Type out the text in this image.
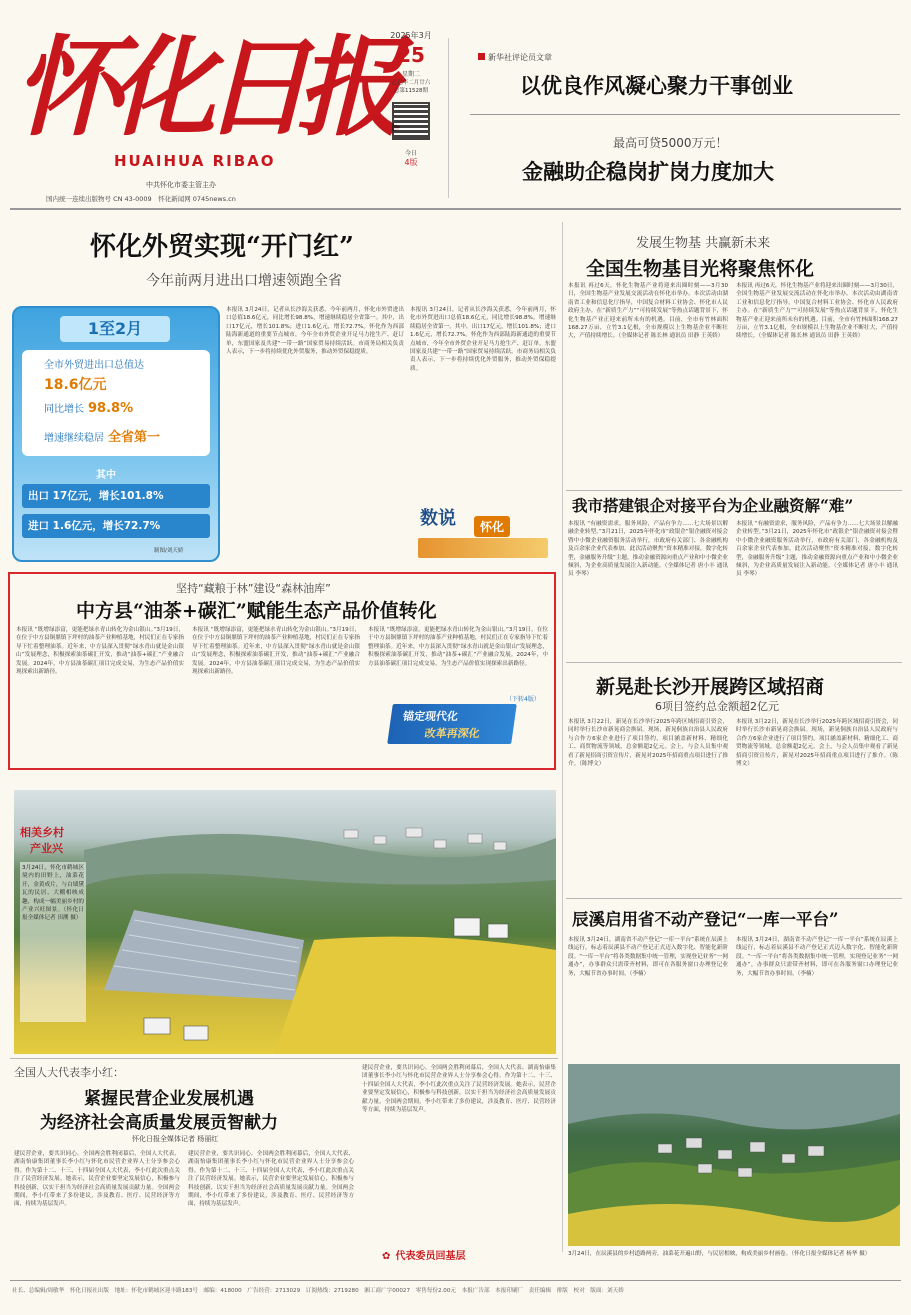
怀化日报
HUAIHUA RIBAO
中共怀化市委主管主办
国内统一连续出版物号 CN 43-0009　怀化新闻网 0745news.cn
2025年3月
25
星期二
乙巳年二月廿六
总第11528期
今日
4版
新华社评论员文章
以优良作风凝心聚力干事创业
最高可贷5000万元！
金融助企稳岗扩岗力度加大
怀化外贸实现“开门红”
今年前两月进出口增速领跑全省
1至2月
全市外贸进出口总值达
18.6亿元
同比增长 98.8%
增速继续稳居 全省第一
其中
出口 17亿元，增长101.8%
进口 1.6亿元，增长72.7%
制图/刘天娇
本报讯 3月24日，记者从长沙海关获悉，今年前两月，怀化市外贸进出口总值18.6亿元，同比增长98.8%，增速继续稳居全省第一。其中，出口17亿元，增长101.8%；进口1.6亿元，增长72.7%。怀化作为西部陆海新通道的重要节点城市，今年全市外贸企业开足马力抢生产、赶订单，东盟国家及共建“一带一路”国家贸易持续活跃。市商务局相关负责人表示，下一步将持续优化外贸服务，推动外贸保稳提质。
本报讯 3月24日，记者从长沙海关获悉，今年前两月，怀化市外贸进出口总值18.6亿元，同比增长98.8%，增速继续稳居全省第一。其中，出口17亿元，增长101.8%；进口1.6亿元，增长72.7%。怀化作为西部陆海新通道的重要节点城市，今年全市外贸企业开足马力抢生产、赶订单，东盟国家及共建“一带一路”国家贸易持续活跃。市商务局相关负责人表示，下一步将持续优化外贸服务，推动外贸保稳提质。
数说	怀化
发展生物基 共赢新未来
全国生物基目光将聚焦怀化
本报讯 再过6天，怀化生物基产业将迎来出圈时刻——3月30日，全国生物基产业发展交流活动在怀化市举办。本次活动由湖南省工业和信息化厅指导，中国复合材料工业协会、怀化市人民政府主办。在“新质生产力”“可持续发展”等热点话题背景下，怀化生物基产业正迎来前所未有的机遇。目前，全市有竹林面积168.27万亩，立竹3.1亿根，全市规模以上生物基企业不断壮大，产值持续增长。（全媒体记者 陈长林 通讯员 田静 王英娇）
本报讯 再过6天，怀化生物基产业将迎来出圈时刻——3月30日，全国生物基产业发展交流活动在怀化市举办。本次活动由湖南省工业和信息化厅指导，中国复合材料工业协会、怀化市人民政府主办。在“新质生产力”“可持续发展”等热点话题背景下，怀化生物基产业正迎来前所未有的机遇。目前，全市有竹林面积168.27万亩，立竹3.1亿根，全市规模以上生物基企业不断壮大，产值持续增长。（全媒体记者 陈长林 通讯员 田静 王英娇）
我市搭建银企对接平台为企业融资解“难”
本报讯 “有融资需求，服务风险，产品有争力……七大场景以解融企业转型。”3月21日，2025年怀化市“政银企”银企融资对接会暨中小微企业融资服务活动举行，市政府有关部门、各金融机构及百余家企业代表参加。此次活动聚焦“资本精准对接，数字化转型，金融服务升级”主题，推动金融资源向重点产业和中小微企业倾斜，为企业高质量发展注入新动能。（全媒体记者 唐小丰 通讯员 李琴）
本报讯 “有融资需求，服务风险，产品有争力……七大场景以解融企业转型。”3月21日，2025年怀化市“政银企”银企融资对接会暨中小微企业融资服务活动举行，市政府有关部门、各金融机构及百余家企业代表参加。此次活动聚焦“资本精准对接，数字化转型，金融服务升级”主题，推动金融资源向重点产业和中小微企业倾斜，为企业高质量发展注入新动能。（全媒体记者 唐小丰 通讯员 李琴）
新晃赴长沙开展跨区域招商
6项目签约总金额超2亿元
本报讯 3月22日，新晃在长沙举行2025年跨区域招商引资会，同时举行长沙市新晃商会换届。现场，新晃侗族自治县人民政府与合作方6家企业进行了项目签约，项目涵盖新材料、精细化工、商贸物流等领域，总金额超2亿元。会上，与会人员集中观看了新晃招商引资宣传片，新晃对2025年招商重点项目进行了推介。（陈博文）
本报讯 3月22日，新晃在长沙举行2025年跨区域招商引资会，同时举行长沙市新晃商会换届。现场，新晃侗族自治县人民政府与合作方6家企业进行了项目签约，项目涵盖新材料、精细化工、商贸物流等领域，总金额超2亿元。会上，与会人员集中观看了新晃招商引资宣传片，新晃对2025年招商重点项目进行了推介。（陈博文）
辰溪启用省不动产登记“一库一平台”
本报讯 3月24日，湖南省不动产登记“一库一平台”系统在辰溪上线运行，标志着辰溪县不动产登记正式迈入数字化、智能化新阶段。“一库一平台”将各类数据集中统一管理，实现登记业务“一网通办”，办事群众只需带齐材料，即可在各服务窗口办理登记业务，大幅节省办事时间。（李楠）
本报讯 3月24日，湖南省不动产登记“一库一平台”系统在辰溪上线运行，标志着辰溪县不动产登记正式迈入数字化、智能化新阶段。“一库一平台”将各类数据集中统一管理，实现登记业务“一网通办”，办事群众只需带齐材料，即可在各服务窗口办理登记业务，大幅节省办事时间。（李楠）
3月24日，在辰溪县的乡村道路两旁，油菜花开遍山野，与民居相映，构成美丽乡村画卷。（怀化日报全媒体记者 杨华 摄）
坚持“藏粮于林”建设“森林油库”
中方县“油茶+碳汇”赋能生态产品价值转化
本报讯 “既增绿添富，更能把绿水青山转化为金山银山。”3月19日，在位于中方县铜鼎镇下坪村的油茶产业种植基地，村民们正在专家指导下忙着整理油茶。近年来，中方县深入贯彻“绿水青山就是金山银山”发展理念，积极探索油茶碳汇开发，推动“油茶+碳汇”产业融合发展。2024年，中方县油茶碳汇项目完成交易，为生态产品价值实现探索出新路径。
本报讯 “既增绿添富，更能把绿水青山转化为金山银山。”3月19日，在位于中方县铜鼎镇下坪村的油茶产业种植基地，村民们正在专家指导下忙着整理油茶。近年来，中方县深入贯彻“绿水青山就是金山银山”发展理念，积极探索油茶碳汇开发，推动“油茶+碳汇”产业融合发展。2024年，中方县油茶碳汇项目完成交易，为生态产品价值实现探索出新路径。
本报讯 “既增绿添富，更能把绿水青山转化为金山银山。”3月19日，在位于中方县铜鼎镇下坪村的油茶产业种植基地，村民们正在专家指导下忙着整理油茶。近年来，中方县深入贯彻“绿水青山就是金山银山”发展理念，积极探索油茶碳汇开发，推动“油茶+碳汇”产业融合发展。2024年，中方县油茶碳汇项目完成交易，为生态产品价值实现探索出新路径。
（下转4版）
锚定现代化
改革再深化
相美乡村
产业兴
3月24日，怀化市鹤城区境内的田野上，油菜花开，金黄成片，与白墙黛瓦的民居、大棚相映成趣，构成一幅美丽乡村的产业兴旺图景。（怀化日报全媒体记者 田溯 摄）
全国人大代表李小红：
紧握民营企业发展机遇
为经济社会高质量发展贡智献力
怀化日报全媒体记者 杨丽红
建民营企业，要共识同心。全国两会胜利闭幕后，全国人大代表、湖南怡康集团董事长李小红与怀化市民营企业界人士分享参会心得。作为第十二、十三、十四届全国人大代表，李小红此次重点关注了民营经济发展。她表示，民营企业要坚定发展信心，积极参与科技创新，以实干担当为经济社会高质量发展贡献力量。全国两会期间，李小红带来了多份建议，涉及教育、医疗、民营经济等方面，持续为基层发声。
建民营企业，要共识同心。全国两会胜利闭幕后，全国人大代表、湖南怡康集团董事长李小红与怀化市民营企业界人士分享参会心得。作为第十二、十三、十四届全国人大代表，李小红此次重点关注了民营经济发展。她表示，民营企业要坚定发展信心，积极参与科技创新，以实干担当为经济社会高质量发展贡献力量。全国两会期间，李小红带来了多份建议，涉及教育、医疗、民营经济等方面，持续为基层发声。
建民营企业，要共识同心。全国两会胜利闭幕后，全国人大代表、湖南怡康集团董事长李小红与怀化市民营企业界人士分享参会心得。作为第十二、十三、十四届全国人大代表，李小红此次重点关注了民营经济发展。她表示，民营企业要坚定发展信心，积极参与科技创新，以实干担当为经济社会高质量发展贡献力量。全国两会期间，李小红带来了多份建议，涉及教育、医疗、民营经济等方面，持续为基层发声。
✿ 代表委员回基层
社长、总编辑/周敏华　怀化日报社出版　地址：怀化市鹤城区迎丰路183号　邮编：418000　广告经营：2713029　订阅热线：2719280　湘工商广字00027　零售每份2.00元　本报广告部　本报印刷厂　责任编辑　排版　校对　版面：刘天娇
